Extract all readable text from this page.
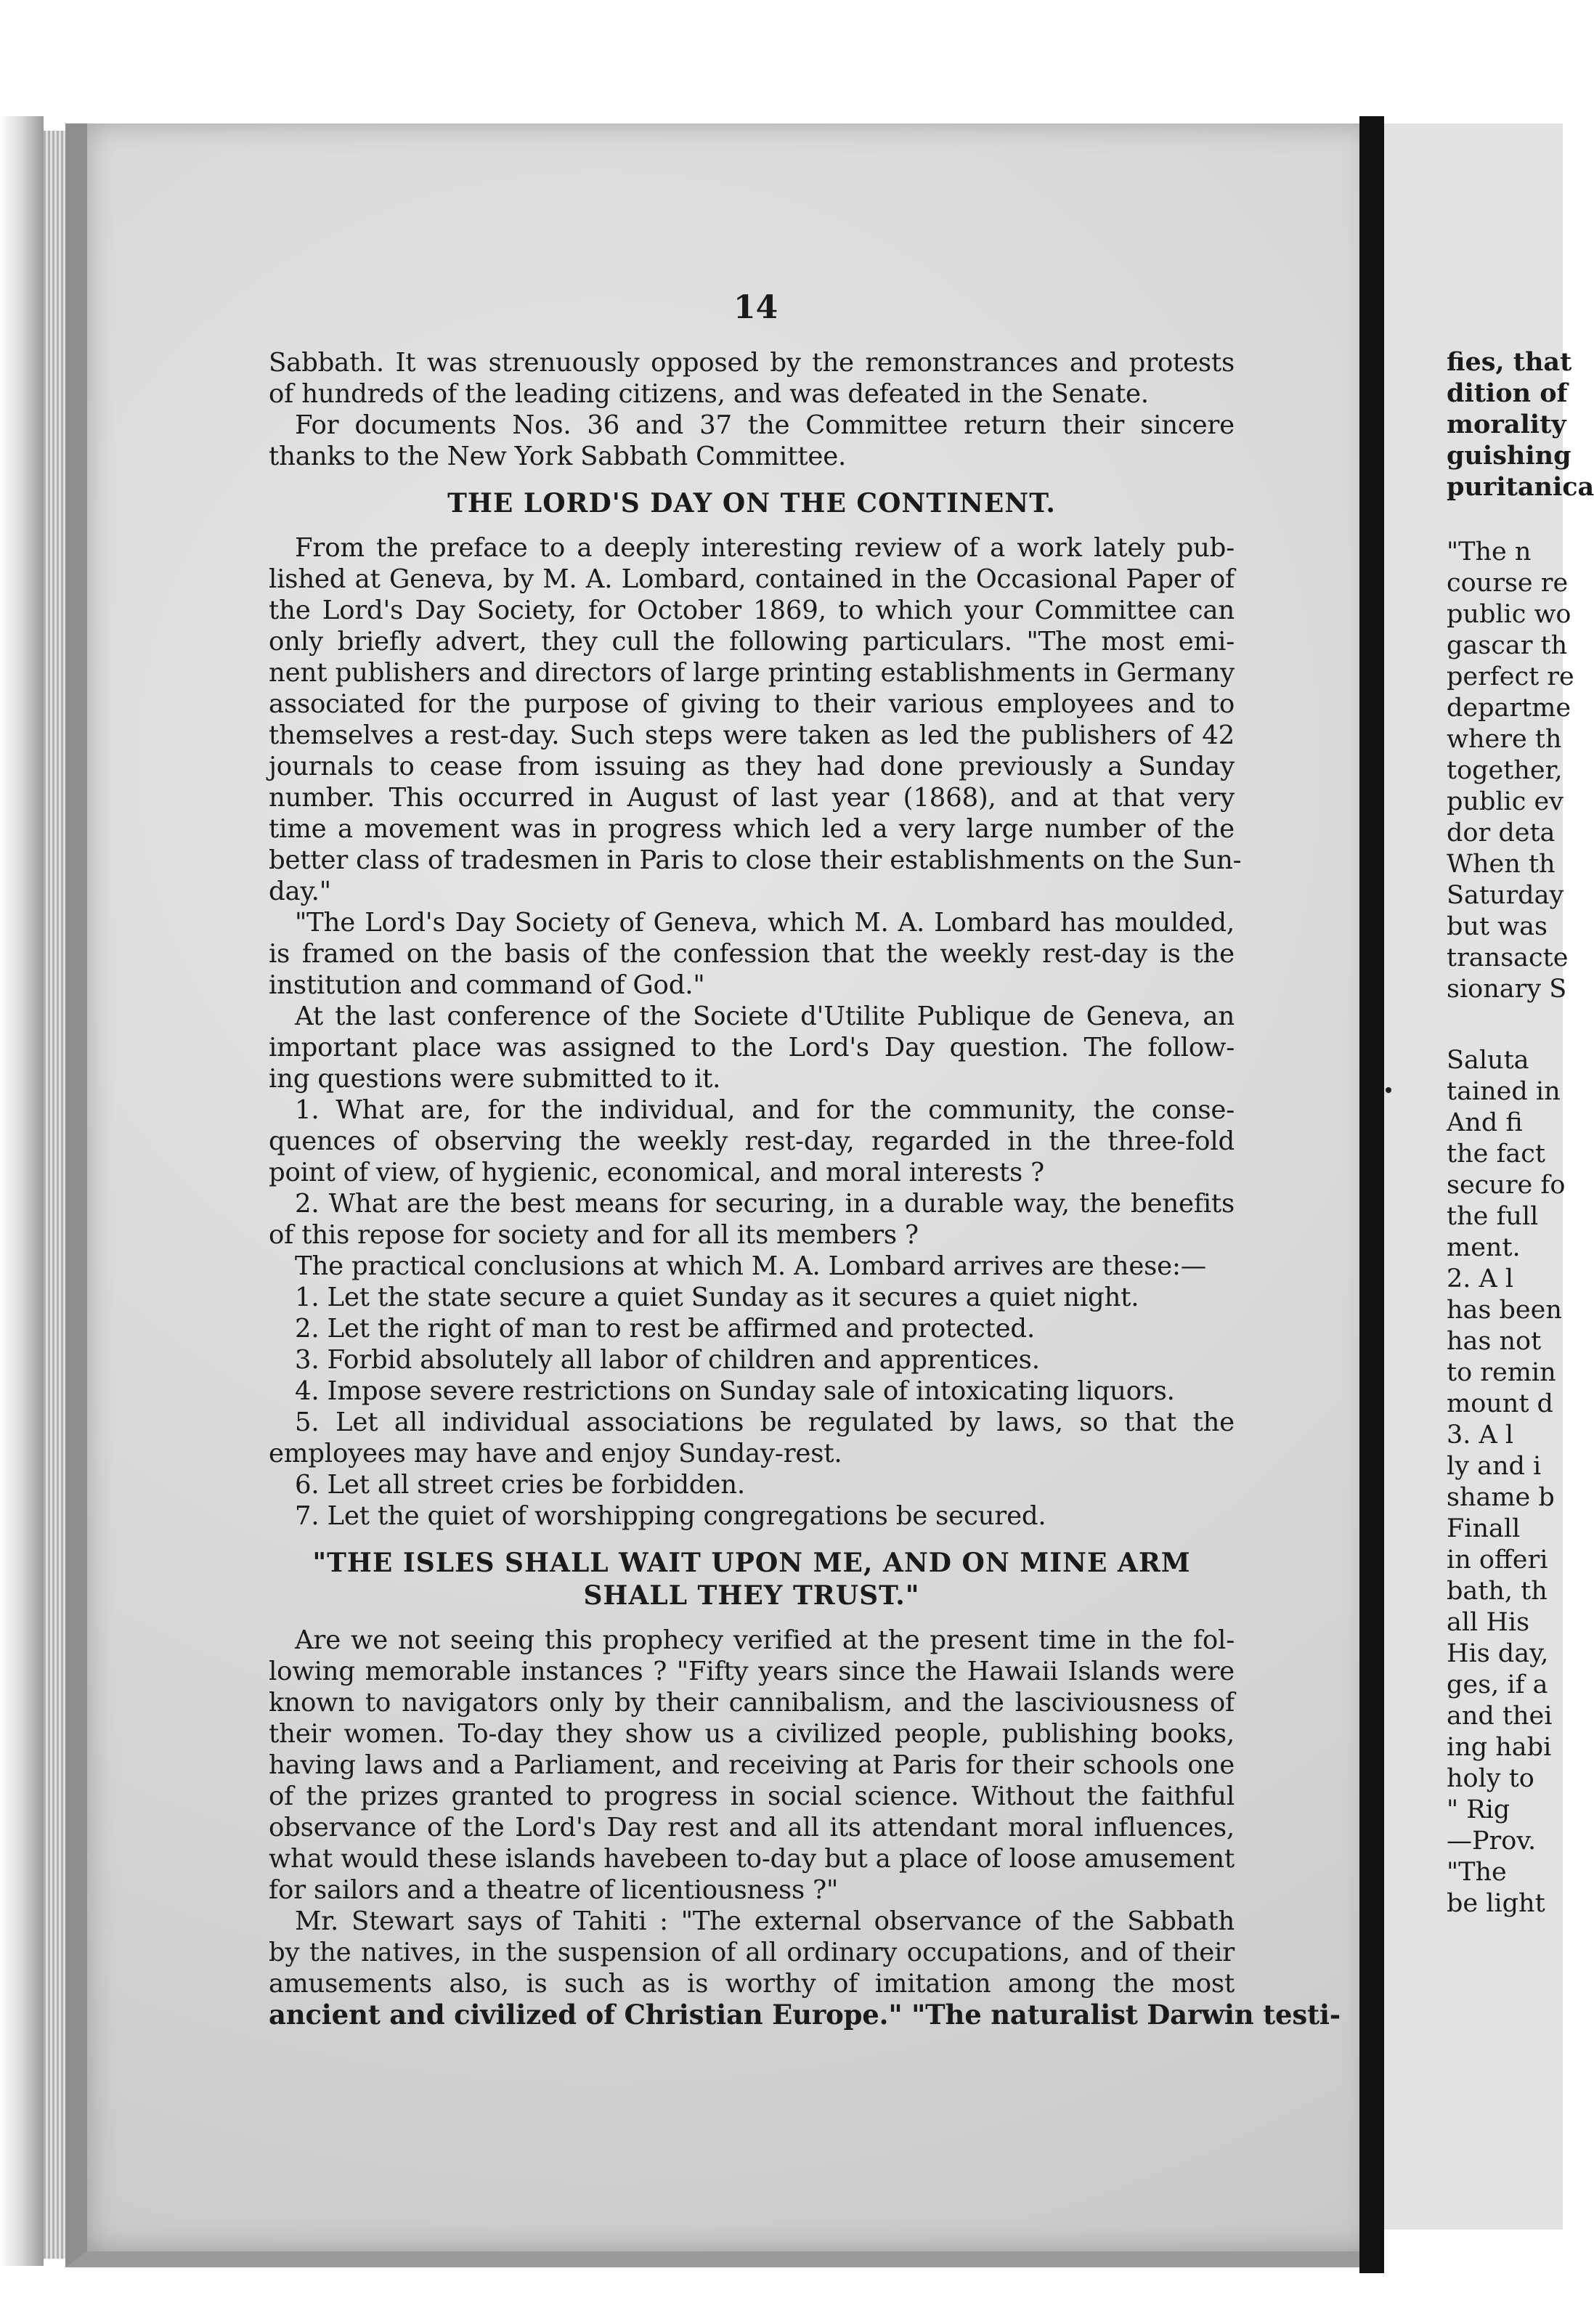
14
Sabbath. It was strenuously opposed by the remonstrances and protests
of hundreds of the leading citizens, and was defeated in the Senate.
For documents Nos. 36 and 37 the Committee return their sincere
thanks to the New York Sabbath Committee.
THE LORD'S DAY ON THE CONTINENT.
From the preface to a deeply interesting review of a work lately pub-
lished at Geneva, by M. A. Lombard, contained in the Occasional Paper of
the Lord's Day Society, for October 1869, to which your Committee can
only briefly advert, they cull the following particulars. "The most emi-
nent publishers and directors of large printing establishments in Germany
associated for the purpose of giving to their various employees and to
themselves a rest-day. Such steps were taken as led the publishers of 42
journals to cease from issuing as they had done previously a Sunday
number. This occurred in August of last year (1868), and at that very
time a movement was in progress which led a very large number of the
better class of tradesmen in Paris to close their establishments on the Sun-
day."
"The Lord's Day Society of Geneva, which M. A. Lombard has moulded,
is framed on the basis of the confession that the weekly rest-day is the
institution and command of God."
At the last conference of the Societe d'Utilite Publique de Geneva, an
important place was assigned to the Lord's Day question. The follow-
ing questions were submitted to it.
1. What are, for the individual, and for the community, the conse-
quences of observing the weekly rest-day, regarded in the three-fold
point of view, of hygienic, economical, and moral interests ?
2. What are the best means for securing, in a durable way, the benefits
of this repose for society and for all its members ?
The practical conclusions at which M. A. Lombard arrives are these:—
1. Let the state secure a quiet Sunday as it secures a quiet night.
2. Let the right of man to rest be affirmed and protected.
3. Forbid absolutely all labor of children and apprentices.
4. Impose severe restrictions on Sunday sale of intoxicating liquors.
5. Let all individual associations be regulated by laws, so that the
employees may have and enjoy Sunday-rest.
6. Let all street cries be forbidden.
7. Let the quiet of worshipping congregations be secured.
"THE ISLES SHALL WAIT UPON ME, AND ON MINE ARM
SHALL THEY TRUST."
Are we not seeing this prophecy verified at the present time in the fol-
lowing memorable instances ? "Fifty years since the Hawaii Islands were
known to navigators only by their cannibalism, and the lasciviousness of
their women. To-day they show us a civilized people, publishing books,
having laws and a Parliament, and receiving at Paris for their schools one
of the prizes granted to progress in social science. Without the faithful
observance of the Lord's Day rest and all its attendant moral influences,
what would these islands havebeen to-day but a place of loose amusement
for sailors and a theatre of licentiousness ?"
Mr. Stewart says of Tahiti : "The external observance of the Sabbath
by the natives, in the suspension of all ordinary occupations, and of their
amusements also, is such as is worthy of imitation among the most
ancient and civilized of Christian Europe." "The naturalist Darwin testi-
fies, that
dition of
morality
guishing
puritanica
"The n
course re
public wo
gascar th
perfect re
departme
where th
together,
public ev
dor deta
When th
Saturday
but was
transacte
sionary S
Saluta
tained in
And fi
the fact
secure fo
the full
ment.
2. A l
has been
has not
to remin
mount d
3. A l
ly and i
shame b
Finall
in offeri
bath, th
all His
His day,
ges, if a
and thei
ing habi
holy to
" Rig
—Prov.
"The
be light
